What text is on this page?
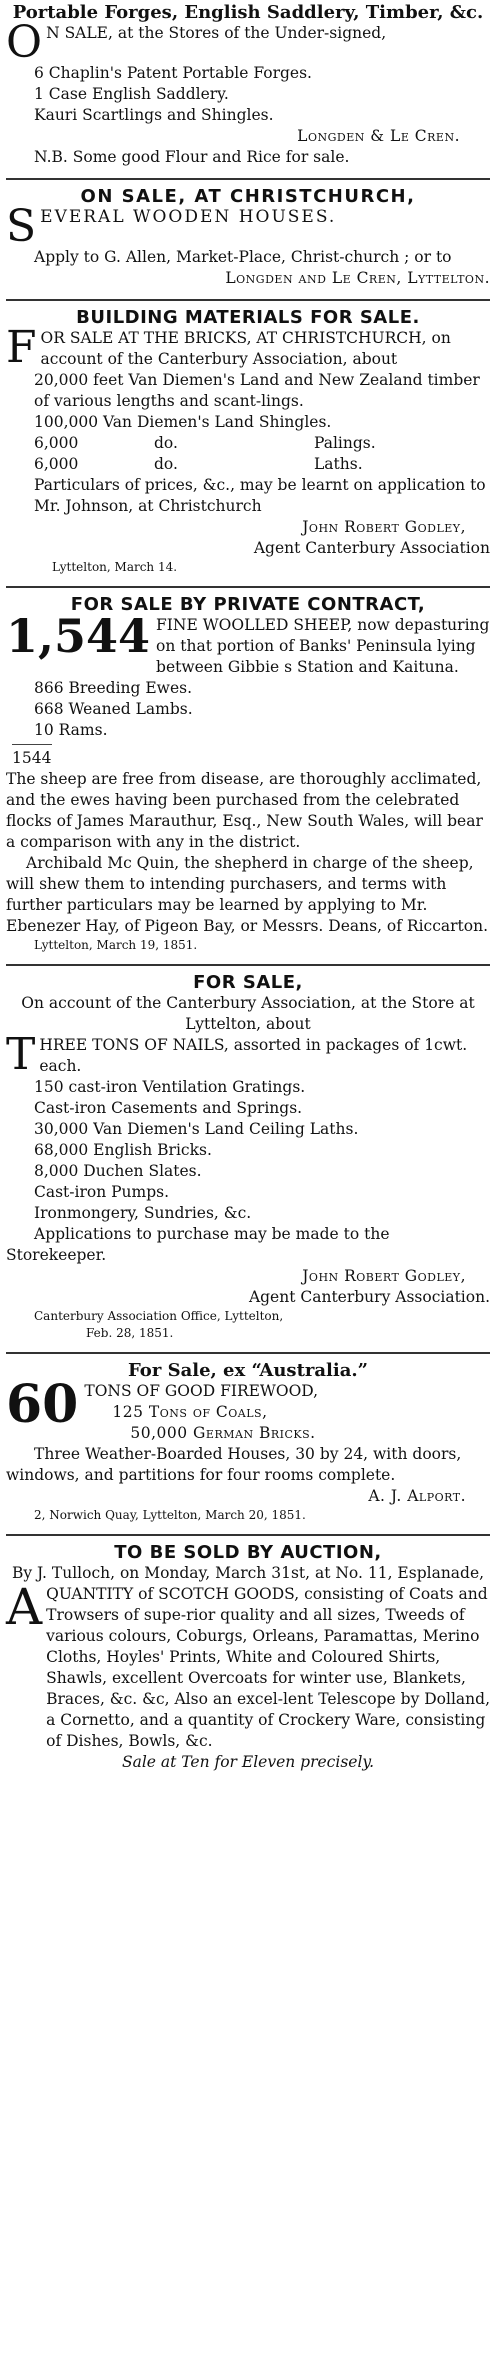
Portable Forges, English Saddlery, Timber, &c.
O N SALE, at the Stores of the Under-signed,

6 Chaplin's Patent Portable Forges.

1 Case English Saddlery.

Kauri Scartlings and Shingles.

Longden & Le Cren.

N.B. Some good Flour and Rice for sale.

ON SALE, AT CHRISTCHURCH,
S EVERAL WOODEN HOUSES.

Apply to G. Allen, Market-Place, Christ-church ; or to

Longden and Le Cren, Lyttelton.

BUILDING MATERIALS FOR SALE.
F OR SALE AT THE BRICKS, AT CHRISTCHURCH, on account of the Canterbury Association, about

20,000 feet Van Diemen's Land and New Zealand timber of various lengths and scant-lings.

100,000 Van Diemen's Land Shingles.

6,000	do.	Palings.
6,000	do.	Laths.

Particulars of prices, &c., may be learnt on application to Mr. Johnson, at Christchurch

John Robert Godley,

Agent Canterbury Association

Lyttelton, March 14.

FOR SALE BY PRIVATE CONTRACT,
1,544 FINE WOOLLED SHEEP, now depasturing on that portion of Banks' Peninsula lying between Gibbie s Station and Kaituna.

866 Breeding Ewes.

668 Weaned Lambs.

10 Rams.

1544

The sheep are free from disease, are thoroughly acclimated, and the ewes having been purchased from the celebrated flocks of James Marauthur, Esq., New South Wales, will bear a comparison with any in the district.

Archibald Mc Quin, the shepherd in charge of the sheep, will shew them to intending purchasers, and terms with further particulars may be learned by applying to Mr. Ebenezer Hay, of Pigeon Bay, or Messrs. Deans, of Riccarton.

Lyttelton, March 19, 1851.

FOR SALE,

On account of the Canterbury Association, at the Store at Lyttelton, about

T HREE TONS OF NAILS, assorted in packages of 1cwt. each.

150 cast-iron Ventilation Gratings.

Cast-iron Casements and Springs.

30,000 Van Diemen's Land Ceiling Laths.

68,000 English Bricks.

8,000 Duchen Slates.

Cast-iron Pumps.

Ironmongery, Sundries, &c.

Applications to purchase may be made to the Storekeeper.

John Robert Godley,

Agent Canterbury Association.

Canterbury Association Office, Lyttelton,

Feb. 28, 1851.

For Sale, ex “Australia.”
60 TONS OF GOOD FIREWOOD,

125 Tons of Coals,

50,000 German Bricks.

Three Weather-Boarded Houses, 30 by 24, with doors, windows, and partitions for four rooms complete.

A. J. Alport.

2, Norwich Quay, Lyttelton, March 20, 1851.

TO BE SOLD BY AUCTION,

By J. Tulloch, on Monday, March 31st, at No. 11, Esplanade,

A QUANTITY of SCOTCH GOODS, consisting of Coats and Trowsers of supe-rior quality and all sizes, Tweeds of various colours, Coburgs, Orleans, Paramattas, Merino Cloths, Hoyles' Prints, White and Coloured Shirts, Shawls, excellent Overcoats for winter use, Blankets, Braces, &c. &c, Also an excel-lent Telescope by Dolland, a Cornetto, and a quantity of Crockery Ware, consisting of Dishes, Bowls, &c.

Sale at Ten for Eleven precisely.
